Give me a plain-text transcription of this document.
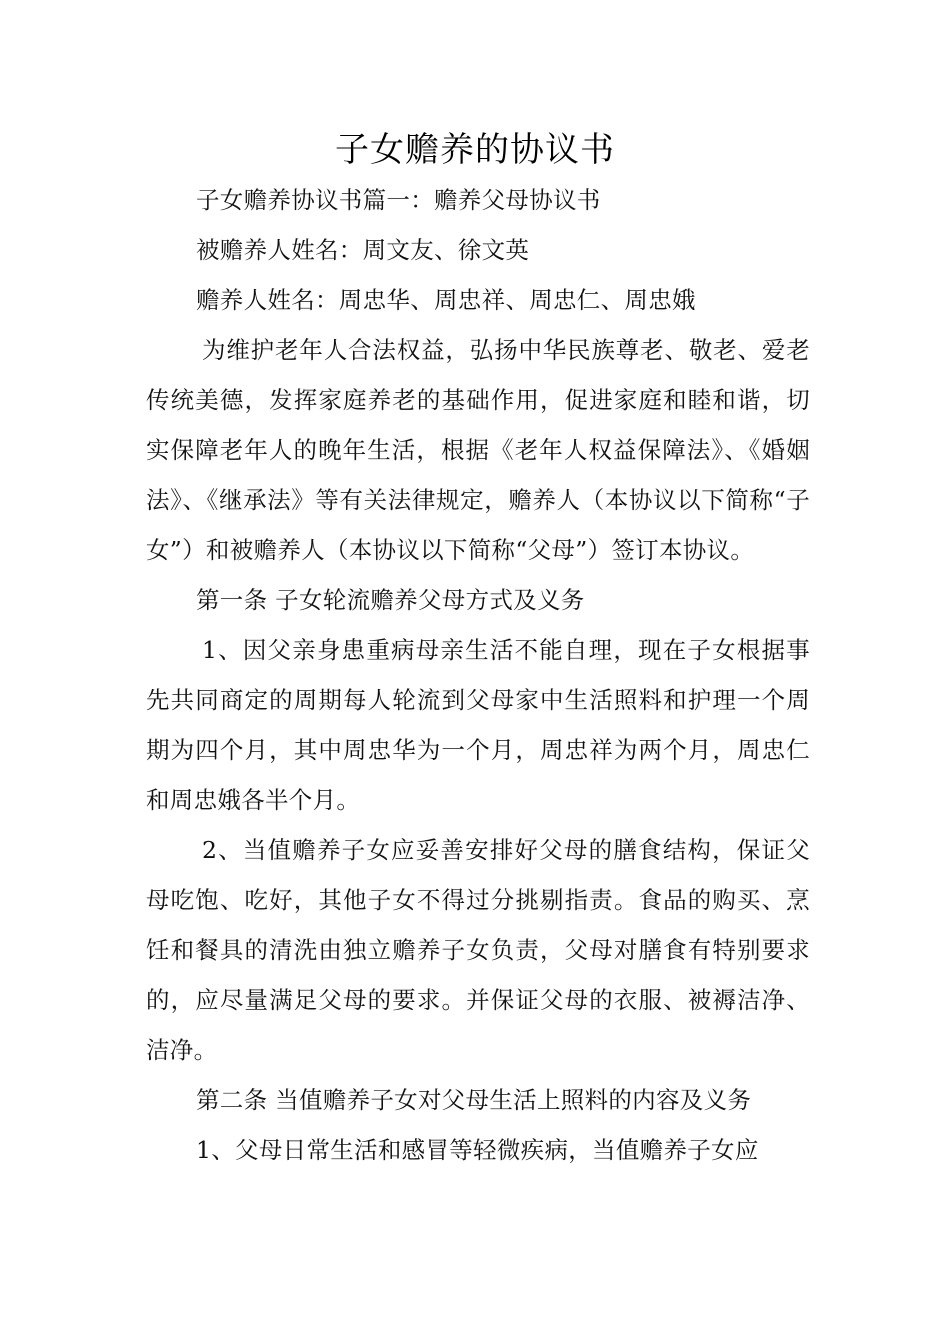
子女赡养的协议书

子女赡养协议书篇一：赡养父母协议书

被赡养人姓名：周文友、徐文英

赡养人姓名：周忠华、周忠祥、周忠仁、周忠娥

为维护老年人合法权益，弘扬中华民族尊老、敬老、爱老传统美德，发挥家庭养老的基础作用，促进家庭和睦和谐，切实保障老年人的晚年生活，根据《老年人权益保障法》、《婚姻法》、《继承法》等有关法律规定，赡养人（本协议以下简称“子女”）和被赡养人（本协议以下简称“父母”）签订本协议。

第一条 子女轮流赡养父母方式及义务

1、因父亲身患重病母亲生活不能自理，现在子女根据事先共同商定的周期每人轮流到父母家中生活照料和护理一个周期为四个月，其中周忠华为一个月，周忠祥为两个月，周忠仁和周忠娥各半个月。

2、当值赡养子女应妥善安排好父母的膳食结构，保证父母吃饱、吃好，其他子女不得过分挑剔指责。食品的购买、烹饪和餐具的清洗由独立赡养子女负责，父母对膳食有特别要求的，应尽量满足父母的要求。并保证父母的衣服、被褥洁净、洁净。

第二条 当值赡养子女对父母生活上照料的内容及义务

1、父母日常生活和感冒等轻微疾病，当值赡养子女应
